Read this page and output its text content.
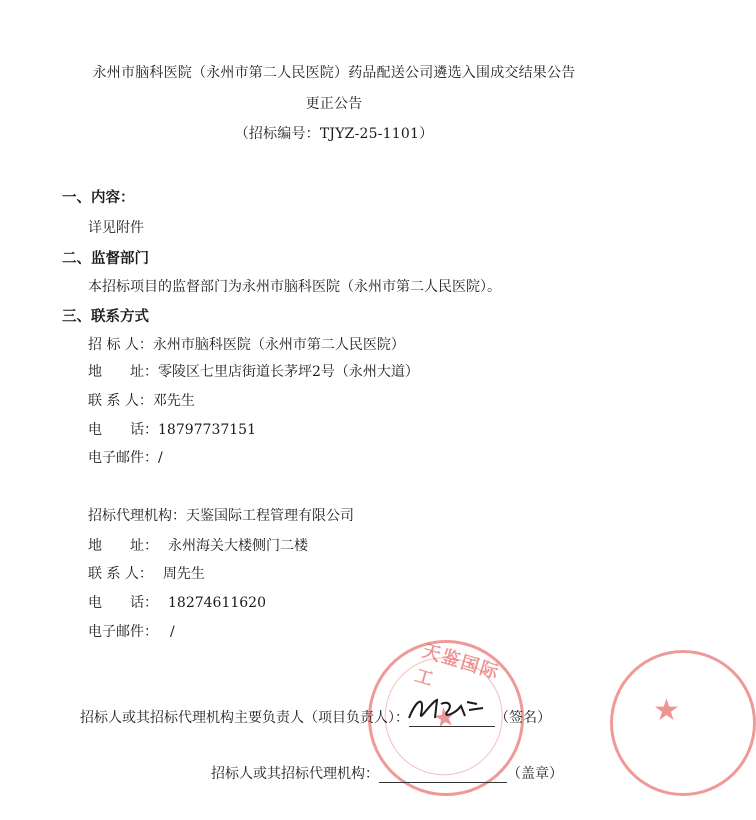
永州市脑科医院（永州市第二人民医院）药品配送公司遴选入围成交结果公告
更正公告
（招标编号：TJYZ-25-1101）
一、内容：
详见附件
二、监督部门
本招标项目的监督部门为永州市脑科医院（永州市第二人民医院）。
三、联系方式
招 标 人：永州市脑科医院（永州市第二人民医院）
地　　址：零陵区七里店街道长茅坪2号（永州大道）
联 系 人：邓先生
电　　话：18797737151
电子邮件：/
招标代理机构：天鉴国际工程管理有限公司
地　　址： 永州海关大楼侧门二楼
联 系 人： 周先生
电　　话： 18274611620
电子邮件： /
天鉴国际工
★	★
招标人或其招标代理机构主要负责人（项目负责人）：	（签名）
招标人或其招标代理机构：	（盖章）
